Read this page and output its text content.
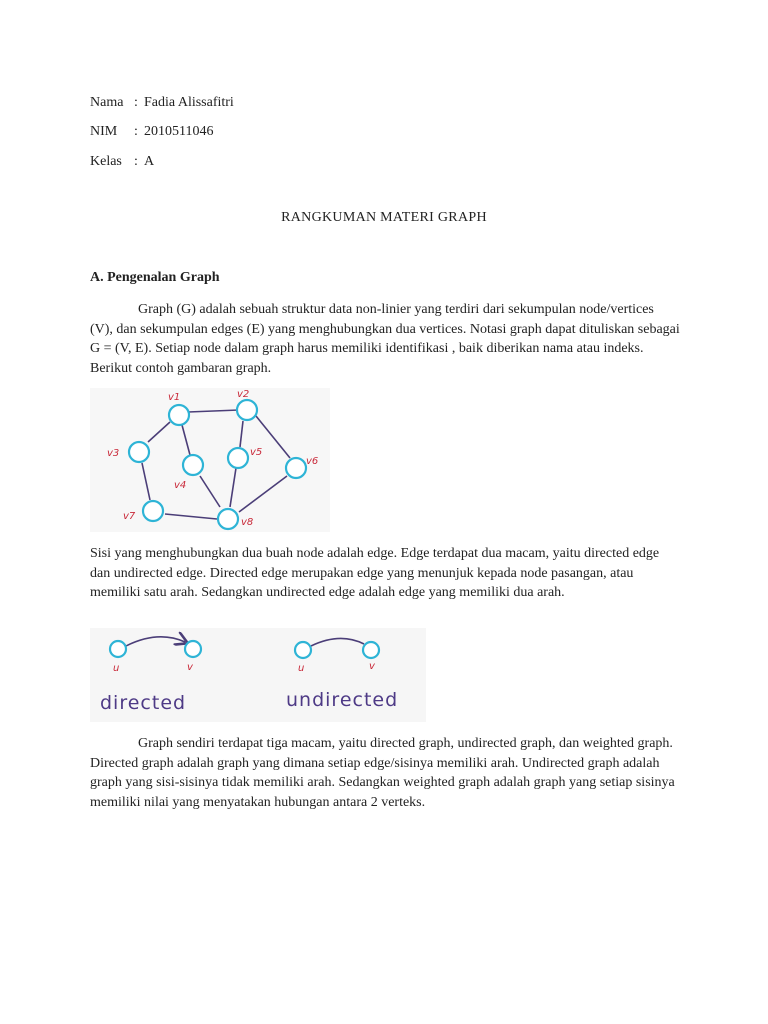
Nama : Fadia Alissafitri
NIM : 2010511046
Kelas : A
RANGKUMAN MATERI GRAPH
A. Pengenalan Graph

Graph (G) adalah sebuah struktur data non-linier yang terdiri dari sekumpulan node/vertices (V), dan sekumpulan edges (E) yang menghubungkan dua vertices. Notasi graph dapat dituliskan sebagai G = (V, E). Setiap node dalam graph harus memiliki identifikasi , baik diberikan nama atau indeks. Berikut contoh gambaran graph.

v1	v2
v3
v4
v5
v6
v7
v8

Sisi yang menghubungkan dua buah node adalah edge. Edge terdapat dua macam, yaitu directed edge dan undirected edge. Directed edge merupakan edge yang menunjuk kepada node pasangan, atau memiliki satu arah. Sedangkan undirected edge adalah edge yang memiliki dua arah.

u	v
directed
u	v
undirected

Graph sendiri terdapat tiga macam, yaitu directed graph, undirected graph, dan weighted graph. Directed graph adalah graph yang dimana setiap edge/sisinya memiliki arah. Undirected graph adalah graph yang sisi-sisinya tidak memiliki arah. Sedangkan weighted graph adalah graph yang setiap sisinya memiliki nilai yang menyatakan hubungan antara 2 verteks.
